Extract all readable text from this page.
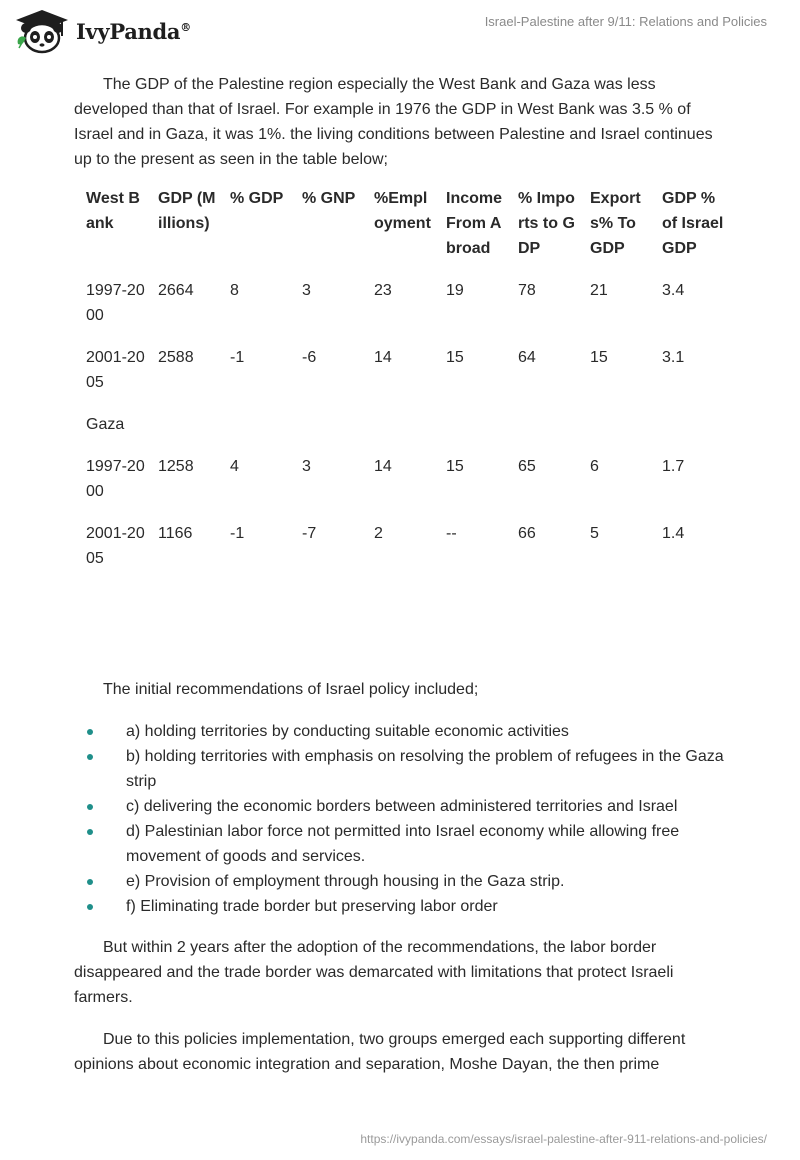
IvyPanda®	Israel-Palestine after 9/11: Relations and Policies

The GDP of the Palestine region especially the West Bank and Gaza was less developed than that of Israel. For example in 1976 the GDP in West Bank was 3.5 % of Israel and in Gaza, it was 1%. the living conditions between Palestine and Israel continues up to the present as seen in the table below;

West Bank	GDP (Millions)	% GDP	% GNP	%Employment	Income From Abroad	% Imports to GDP	Exports% To GDP	GDP % of Israel GDP
1997-2000	2664	8	3	23	19	78	21	3.4
2001-2005	2588	-1	-6	14	15	64	15	3.1
Gaza								
1997-2000	1258	4	3	14	15	65	6	1.7
2001-2005	1166	-1	-7	2	--	66	5	1.4
The initial recommendations of Israel policy included;
a) holding territories by conducting suitable economic activities
b) holding territories with emphasis on resolving the problem of refugees in the Gaza strip
c) delivering the economic borders between administered territories and Israel
d) Palestinian labor force not permitted into Israel economy while allowing free movement of goods and services.
e) Provision of employment through housing in the Gaza strip.
f) Eliminating trade border but preserving labor order
But within 2 years after the adoption of the recommendations, the labor border disappeared and the trade border was demarcated with limitations that protect Israeli farmers.
Due to this policies implementation, two groups emerged each supporting different opinions about economic integration and separation, Moshe Dayan, the then prime
https://ivypanda.com/essays/israel-palestine-after-911-relations-and-policies/
